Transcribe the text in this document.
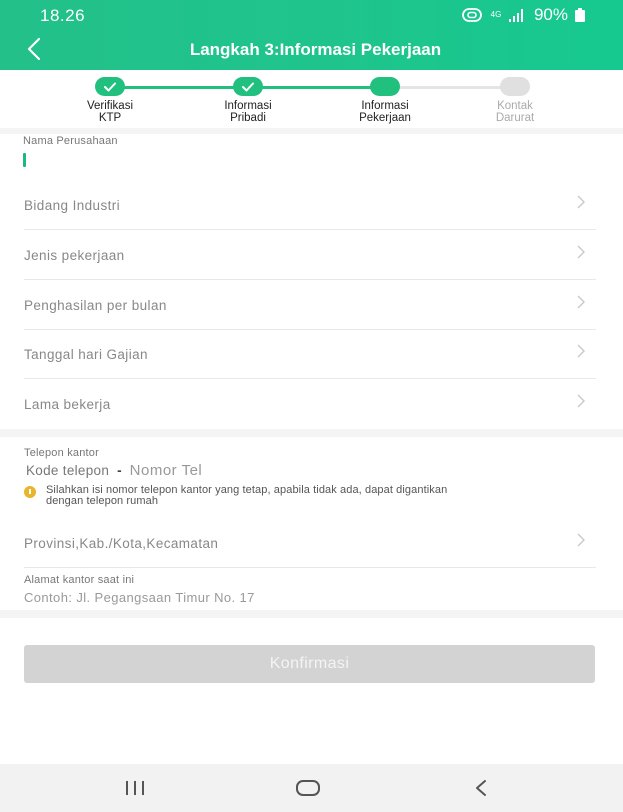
18.26	4G 90%
Langkah 3:Informasi Pekerjaan
Verifikasi
KTP
Informasi
Pribadi
Informasi
Pekerjaan
Kontak
Darurat
Nama Perusahaan
Bidang Industri
Jenis pekerjaan
Penghasilan per bulan
Tanggal hari Gajian
Lama bekerja
Telepon kantor
Kode telepon - Nomor Tel
Silahkan isi nomor telepon kantor yang tetap, apabila tidak ada, dapat digantikan
dengan telepon rumah
Provinsi,Kab./Kota,Kecamatan
Alamat kantor saat ini
Contoh: Jl. Pegangsaan Timur No. 17
Konfirmasi
